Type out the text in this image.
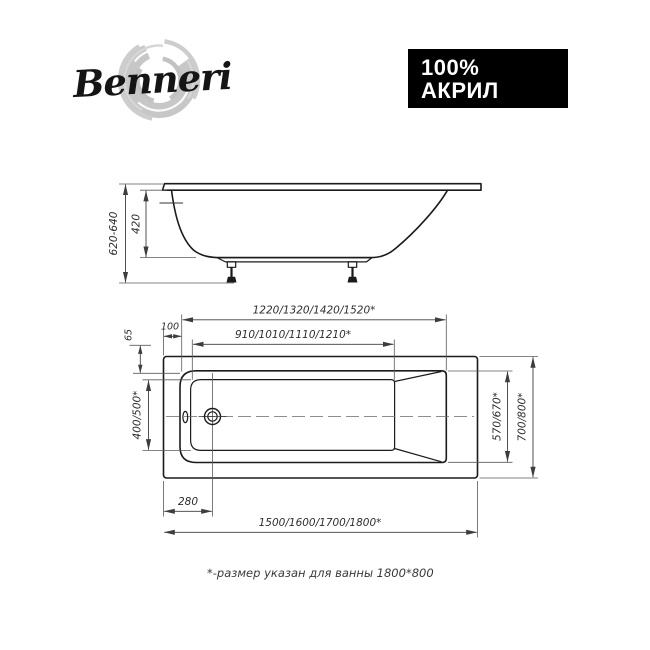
100%
АКРИЛ
Benneri
620-640 420
1220/1320/1420/1520*
910/1010/1110/1210*
100
65
400/500*	570/670* 700/800*
280
1500/1600/1700/1800*
*-размер указан для ванны 1800*800
